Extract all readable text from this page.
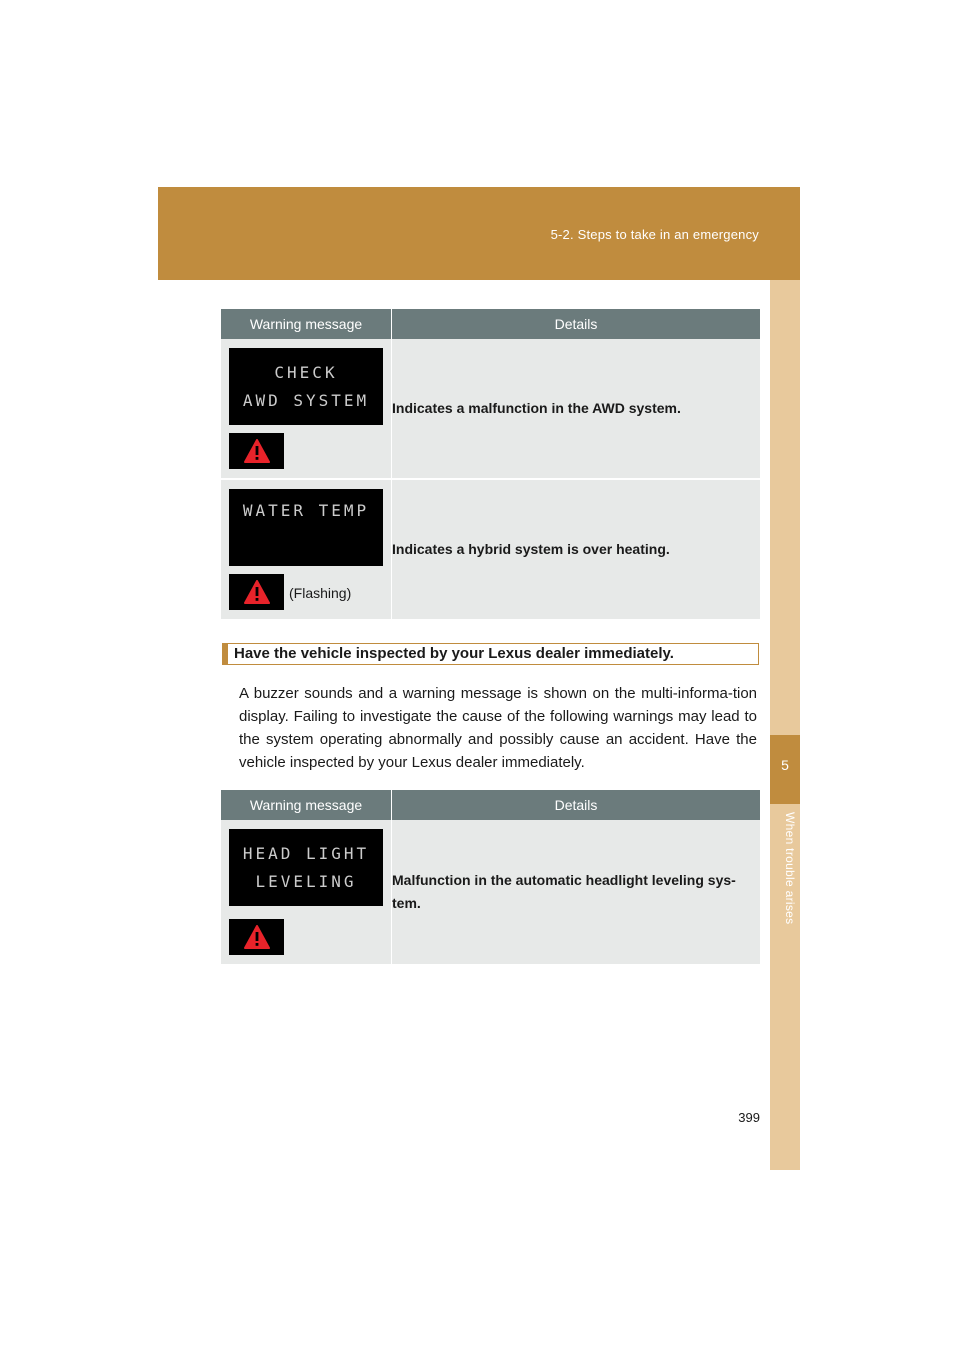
5-2. Steps to take in an emergency
5
When trouble arises
Warning message	Details

CHECK
AWD SYSTEM	Indicates a malfunction in the AWD system.

WATER TEMP
(Flashing)	Indicates a hybrid system is over heating.
Have the vehicle inspected by your Lexus dealer immediately.
A buzzer sounds and a warning message is shown on the multi-informa-tion display. Failing to investigate the cause of the following warnings may lead to the system operating abnormally and possibly cause an accident. Have the vehicle inspected by your Lexus dealer immediately.
Warning message	Details

HEAD LIGHT
LEVELING	Malfunction in the automatic headlight leveling sys-tem.
399
